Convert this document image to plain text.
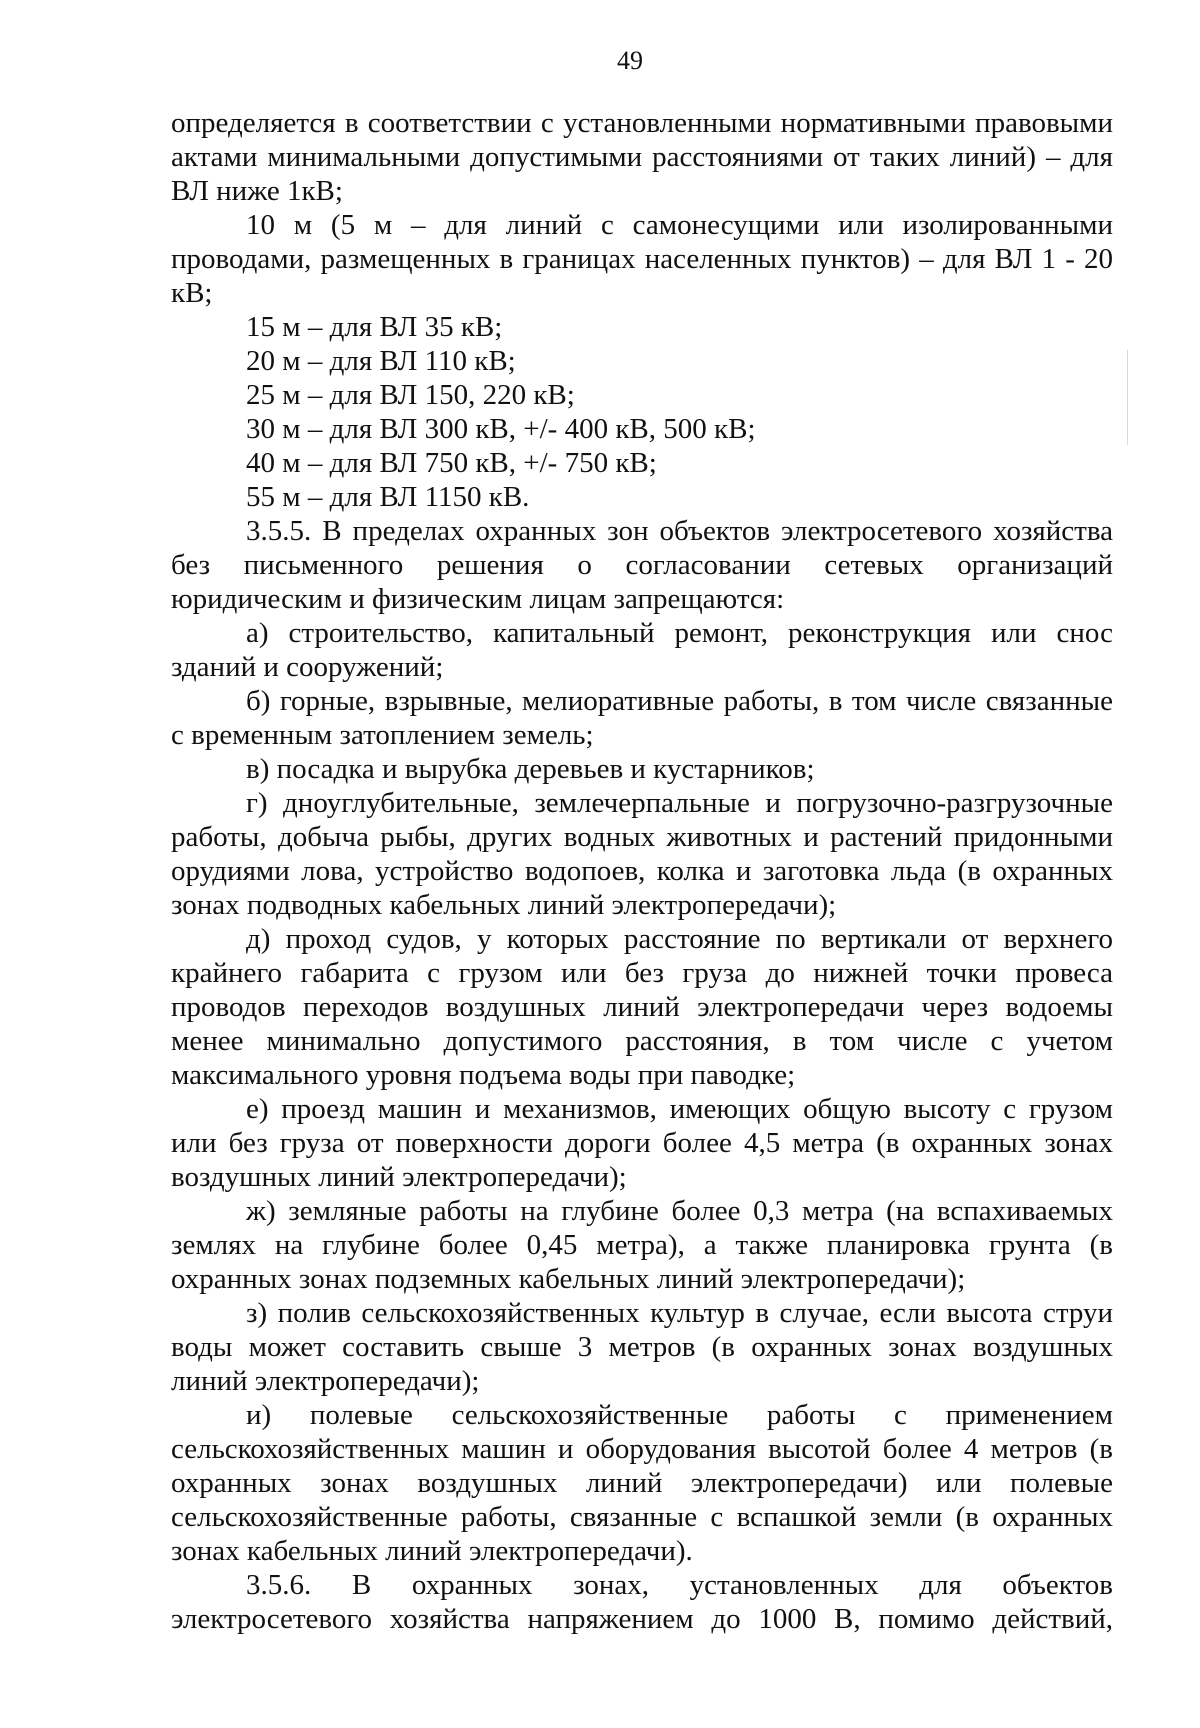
49

определяется в соответствии с установленными нормативными правовыми актами минимальными допустимыми расстояниями от таких линий) – для ВЛ ниже 1кВ;

10 м (5 м – для линий с самонесущими или изолированными проводами, размещенных в границах населенных пунктов) – для ВЛ 1 - 20 кВ;

15 м – для ВЛ 35 кВ;

20 м – для ВЛ 110 кВ;

25 м – для ВЛ 150, 220 кВ;

30 м – для ВЛ 300 кВ, +/- 400 кВ, 500 кВ;

40 м – для ВЛ 750 кВ, +/- 750 кВ;

55 м – для ВЛ 1150 кВ.

3.5.5. В пределах охранных зон объектов электросетевого хозяйства без письменного решения о согласовании сетевых организаций юридическим и физическим лицам запрещаются:

а) строительство, капитальный ремонт, реконструкция или снос зданий и сооружений;

б) горные, взрывные, мелиоративные работы, в том числе связанные с временным затоплением земель;

в) посадка и вырубка деревьев и кустарников;

г) дноуглубительные, землечерпальные и погрузочно-разгрузочные работы, добыча рыбы, других водных животных и растений придонными орудиями лова, устройство водопоев, колка и заготовка льда (в охранных зонах подводных кабельных линий электропередачи);

д) проход судов, у которых расстояние по вертикали от верхнего крайнего габарита с грузом или без груза до нижней точки провеса проводов переходов воздушных линий электропередачи через водоемы менее минимально допустимого расстояния, в том числе с учетом максимального уровня подъема воды при паводке;

е) проезд машин и механизмов, имеющих общую высоту с грузом или без груза от поверхности дороги более 4,5 метра (в охранных зонах воздушных линий электропередачи);

ж) земляные работы на глубине более 0,3 метра (на вспахиваемых землях на глубине более 0,45 метра), а также планировка грунта (в охранных зонах подземных кабельных линий электропередачи);

з) полив сельскохозяйственных культур в случае, если высота струи воды может составить свыше 3 метров (в охранных зонах воздушных линий электропередачи);

и) полевые сельскохозяйственные работы с применением сельскохозяйственных машин и оборудования высотой более 4 метров (в охранных зонах воздушных линий электропередачи) или полевые сельскохозяйственные работы, связанные с вспашкой земли (в охранных зонах кабельных линий электропередачи).

3.5.6. В охранных зонах, установленных для объектов электросетевого хозяйства напряжением до 1000 В, помимо действий,
